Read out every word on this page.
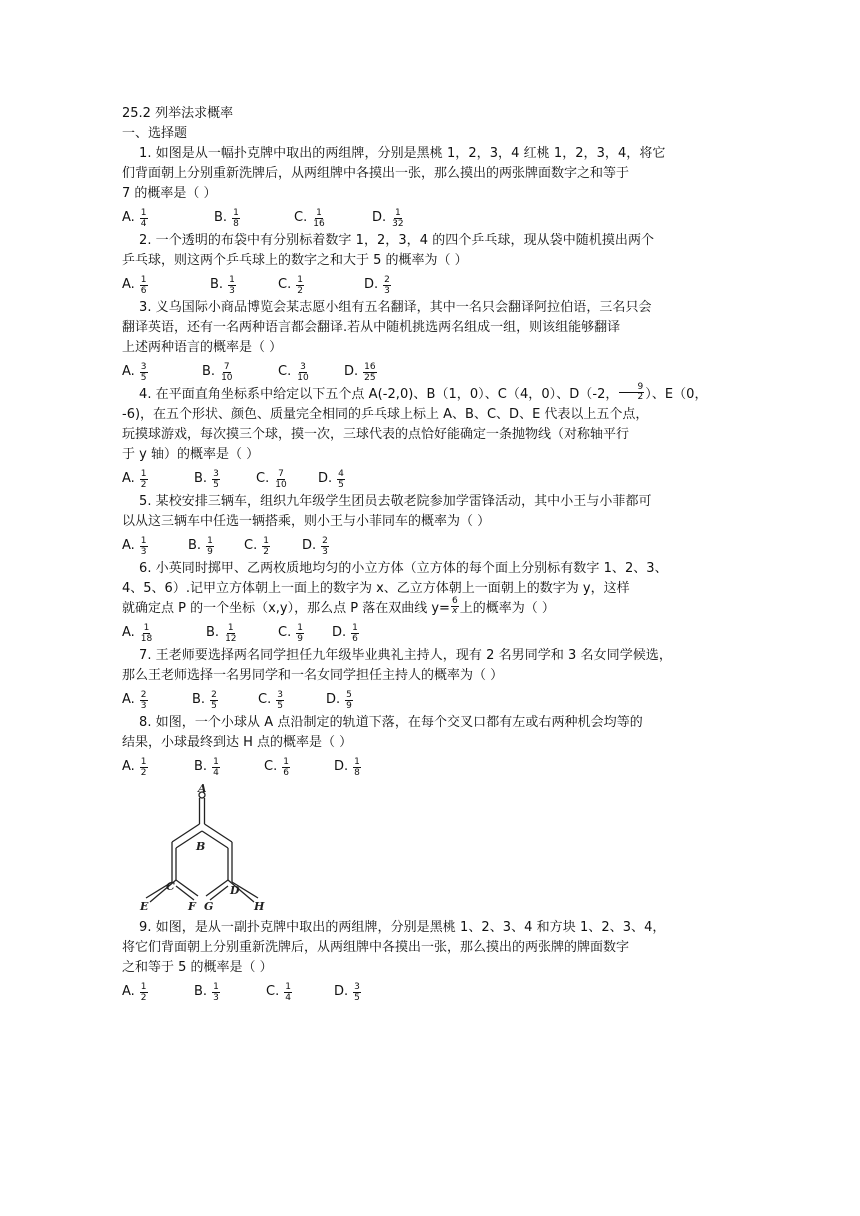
25.2 列举法求概率
一、选择题
1. 如图是从一幅扑克牌中取出的两组牌，分别是黑桃 1，2，3，4 红桃 1，2，3，4，将它
们背面朝上分别重新洗牌后，从两组牌中各摸出一张，那么摸出的两张牌面数字之和等于
7 的概率是（ ）
A. $\frac{1}{4}$	B. $\frac{1}{8}$	C. $\frac{1}{16}$	D. $\frac{1}{32}$
2. 一个透明的布袋中有分别标着数字 1，2，3，4 的四个乒乓球，现从袋中随机摸出两个
乒乓球，则这两个乒乓球上的数字之和大于 5 的概率为（ ）
A. $\frac{1}{6}$	B. $\frac{1}{3}$	C. $\frac{1}{2}$	D. $\frac{2}{3}$
3. 义乌国际小商品博览会某志愿小组有五名翻译，其中一名只会翻译阿拉伯语，三名只会
翻译英语，还有一名两种语言都会翻译.若从中随机挑选两名组成一组，则该组能够翻译
上述两种语言的概率是（ ）
A. $\frac{3}{5}$	B. $\frac{7}{10}$	C. $\frac{3}{10}$	D. $\frac{16}{25}$
4. 在平面直角坐标系中给定以下五个点 A(-2,0)、B（1，0）、C（4，0）、D（-2， $\frac{9}{2}$ ）、E（0，
-6)，在五个形状、颜色、质量完全相同的乒乓球上标上 A、B、C、D、E 代表以上五个点，
玩摸球游戏，每次摸三个球，摸一次，三球代表的点恰好能确定一条抛物线（对称轴平行
于 y 轴）的概率是（ ）
A. $\frac{1}{2}$	B. $\frac{3}{5}$	C. $\frac{7}{10} D$. $\frac{4}{5}$
5. 某校安排三辆车，组织九年级学生团员去敬老院参加学雷锋活动，其中小王与小菲都可
以从这三辆车中任选一辆搭乘，则小王与小菲同车的概率为（ ）
A. $\frac{1}{3}$	B. $\frac{1}{9} C$. $\frac{1}{2} D$. $\frac{2}{3}$
6. 小英同时掷甲、乙两枚质地均匀的小立方体（立方体的每个面上分别标有数字 1、2、3、
4、5、6）.记甲立方体朝上一面上的数字为 x、乙立方体朝上一面朝上的数字为 y，这样
就确定点 P 的一个坐标（x,y），那么点 P 落在双曲线 $y= \frac{6}{x}$ 上的概率为（ ）
A. $\frac{1}{18}$	B. $\frac{1}{12}$	C. $\frac{1}{9} D$. $\frac{1}{6}$
7. 王老师要选择两名同学担任九年级毕业典礼主持人，现有 2 名男同学和 3 名女同学候选，
那么王老师选择一名男同学和一名女同学担任主持人的概率为（ ）
A. $\frac{2}{3}$	B. $\frac{2}{5}$	C. $\frac{3}{5}$	D. $\frac{5}{9}$
8. 如图，一个小球从 A 点沿制定的轨道下落，在每个交叉口都有左或右两种机会均等的
结果，小球最终到达 H 点的概率是（ ）
A. $\frac{1}{2}$	B. $\frac{1}{4}$	C. $\frac{1}{6}$	D. $\frac{1}{8}$
A
B
C	D
E	F G	H
9. 如图，是从一副扑克牌中取出的两组牌，分别是黑桃 1、2、3、4 和方块 1、2、3、4，
将它们背面朝上分别重新洗牌后，从两组牌中各摸出一张，那么摸出的两张牌的牌面数字
之和等于 5 的概率是（ ）
A. $\frac{1}{2}$	B. $\frac{1}{3}$	C. $\frac{1}{4}$	D. $\frac{3}{5}$
